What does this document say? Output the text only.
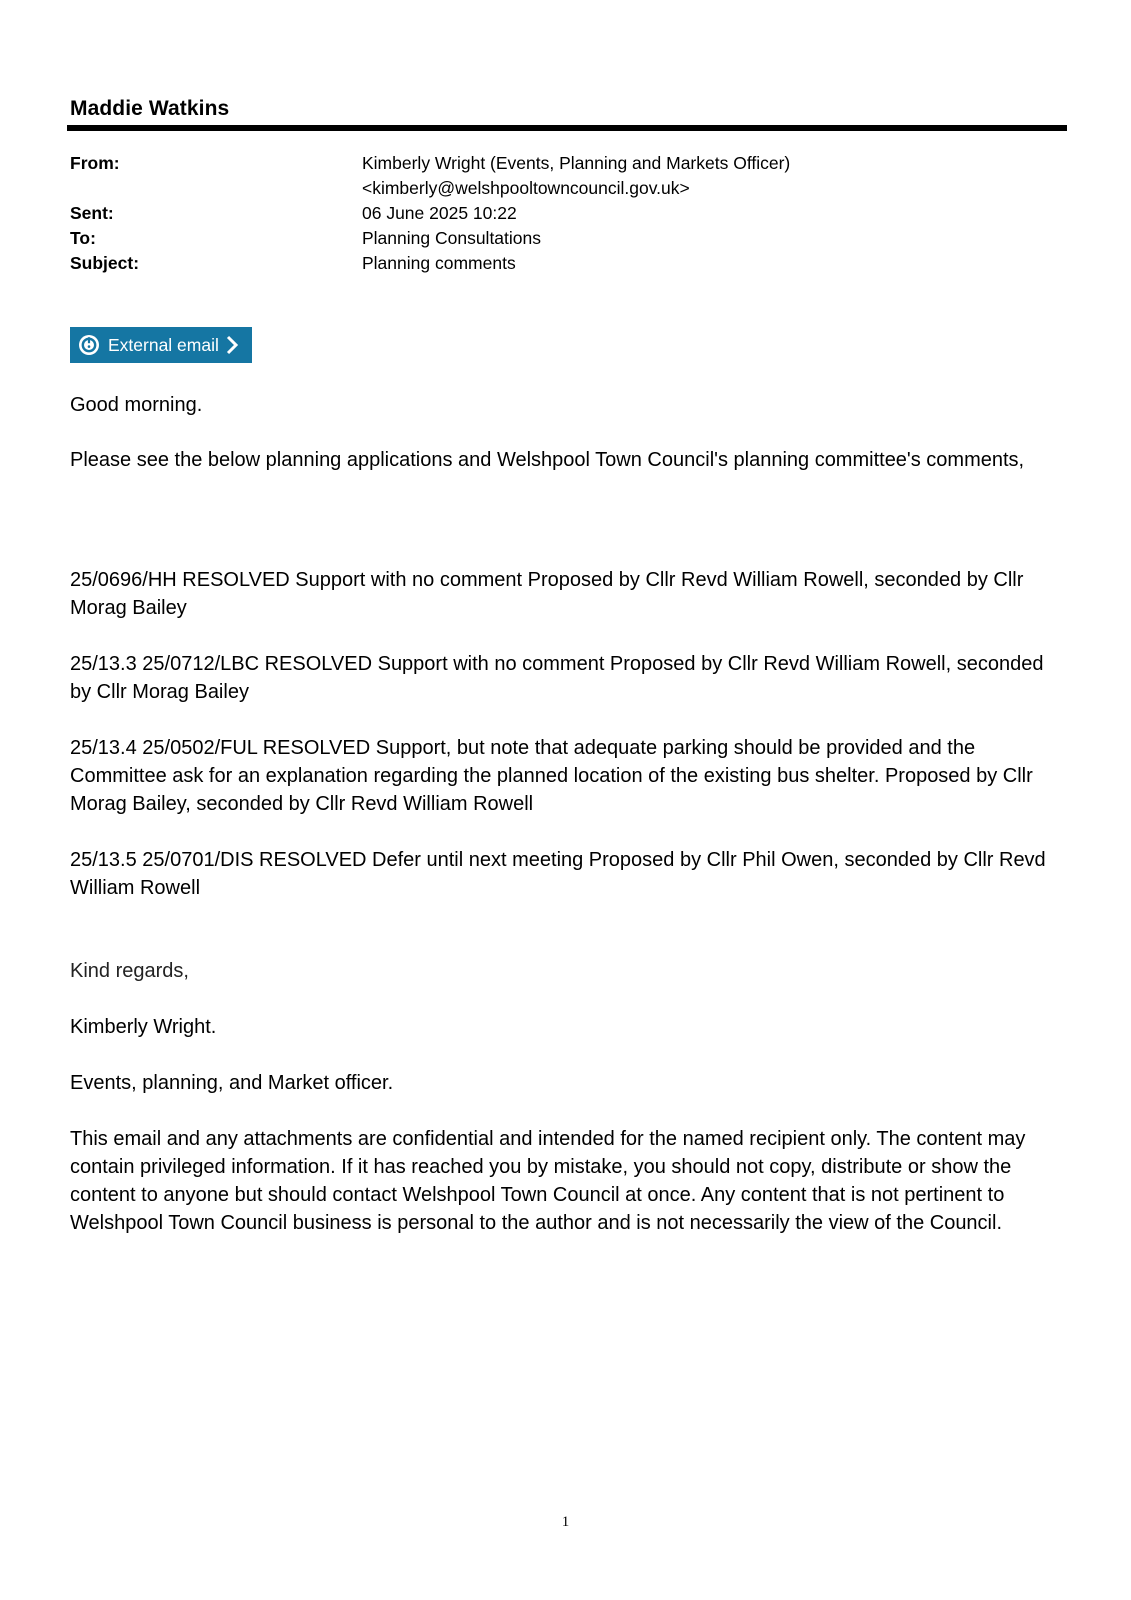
Maddie Watkins
From:	Kimberly Wright (Events, Planning and Markets Officer)
<kimberly@welshpooltowncouncil.gov.uk>
Sent:	06 June 2025 10:22
To:	Planning Consultations
Subject:	Planning comments
External email

Good morning.

Please see the below planning applications and Welshpool Town Council's planning committee's comments,

25/0696/HH RESOLVED Support with no comment Proposed by Cllr Revd William Rowell, seconded by Cllr Morag Bailey

25/13.3 25/0712/LBC RESOLVED Support with no comment Proposed by Cllr Revd William Rowell, seconded by Cllr Morag Bailey

25/13.4 25/0502/FUL RESOLVED Support, but note that adequate parking should be provided and the Committee ask for an explanation regarding the planned location of the existing bus shelter. Proposed by Cllr Morag Bailey, seconded by Cllr Revd William Rowell

25/13.5 25/0701/DIS RESOLVED Defer until next meeting Proposed by Cllr Phil Owen, seconded by Cllr Revd William Rowell

Kind regards,

Kimberly Wright.

Events, planning, and Market officer.

This email and any attachments are confidential and intended for the named recipient only. The content may contain privileged information. If it has reached you by mistake, you should not copy, distribute or show the content to anyone but should contact Welshpool Town Council at once. Any content that is not pertinent to Welshpool Town Council business is personal to the author and is not necessarily the view of the Council.

1
